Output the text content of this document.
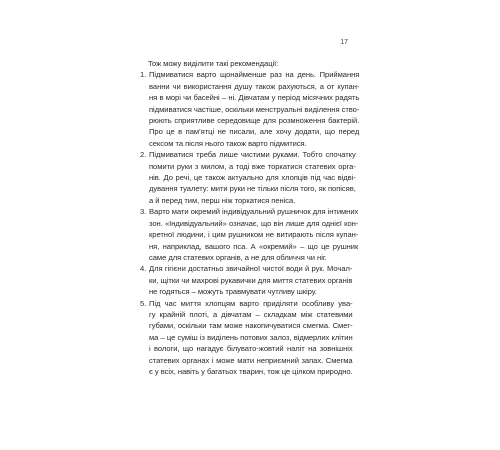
17
Тож можу виділити такі рекомендації:
1. Підмиватися варто щонайменше раз на день. Приймання
ванни чи використання душу також рахуються, а от купан-
ня в морі чи басейні – ні. Дівчатам у період місячних радять
підмиватися частіше, оскільки менструальні виділення ство-
рюють сприятливе середовище для розмноження бактерій.
Про це в пам’ятці не писали, але хочу додати, що перед
сексом та після нього також варто підмитися.
2. Підмиватися треба лише чистими руками. Тобто спочатку
помити руки з милом, а тоді вже торкатися статевих орга-
нів. До речі, це також актуально для хлопців під час відві-
дування туалету: мити руки не тільки після того, як попісяв,
а й перед тим, перш ніж торкатися пеніса.
3. Варто мати окремий індивідуальний рушничок для інтимних
зон. «Індивідуальний» означає, що він лише для однієї кон-
кретної людини, і цим рушником не витирають після купан-
ня, наприклад, вашого пса. А «окремий» – що це рушник
саме для статевих органів, а не для обличчя чи ніг.
4. Для гігієни достатньо звичайної чистої води й рук. Мочал-
ки, щітки чи махрові рукавички для миття статевих органів
не годяться – можуть травмувати чутливу шкіру.
5. Під час миття хлопцям варто приділяти особливу ува-
гу крайній плоті, а дівчатам – складкам між статевими
губами, оскільки там може накопичуватися смегма. Смег-
ма – це суміш із виділень потових залоз, відмерлих клітин
і вологи, що нагадує білувато-жовтий наліт на зовнішніх
статевих органах і може мати неприємний запах. Смегма
є у всіх, навіть у багатьох тварин, тож це цілком природно.
